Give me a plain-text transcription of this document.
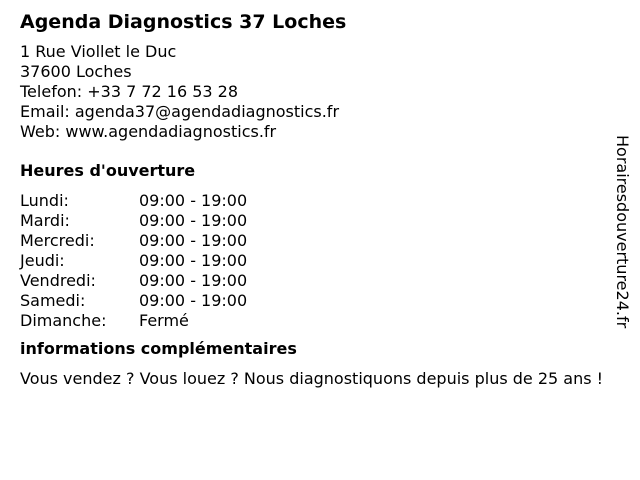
Agenda Diagnostics 37 Loches
1 Rue Viollet le Duc
37600 Loches
Telefon: +33 7 72 16 53 28
Email: agenda37@agendadiagnostics.fr
Web: www.agendadiagnostics.fr
Heures d'ouverture
Lundi:	09:00 - 19:00
Mardi:	09:00 - 19:00
Mercredi:	09:00 - 19:00
Jeudi:	09:00 - 19:00
Vendredi:	09:00 - 19:00
Samedi:	09:00 - 19:00
Dimanche:	Fermé
informations complémentaires
Vous vendez ? Vous louez ? Nous diagnostiquons depuis plus de 25 ans !
Horairesdouverture24.fr
